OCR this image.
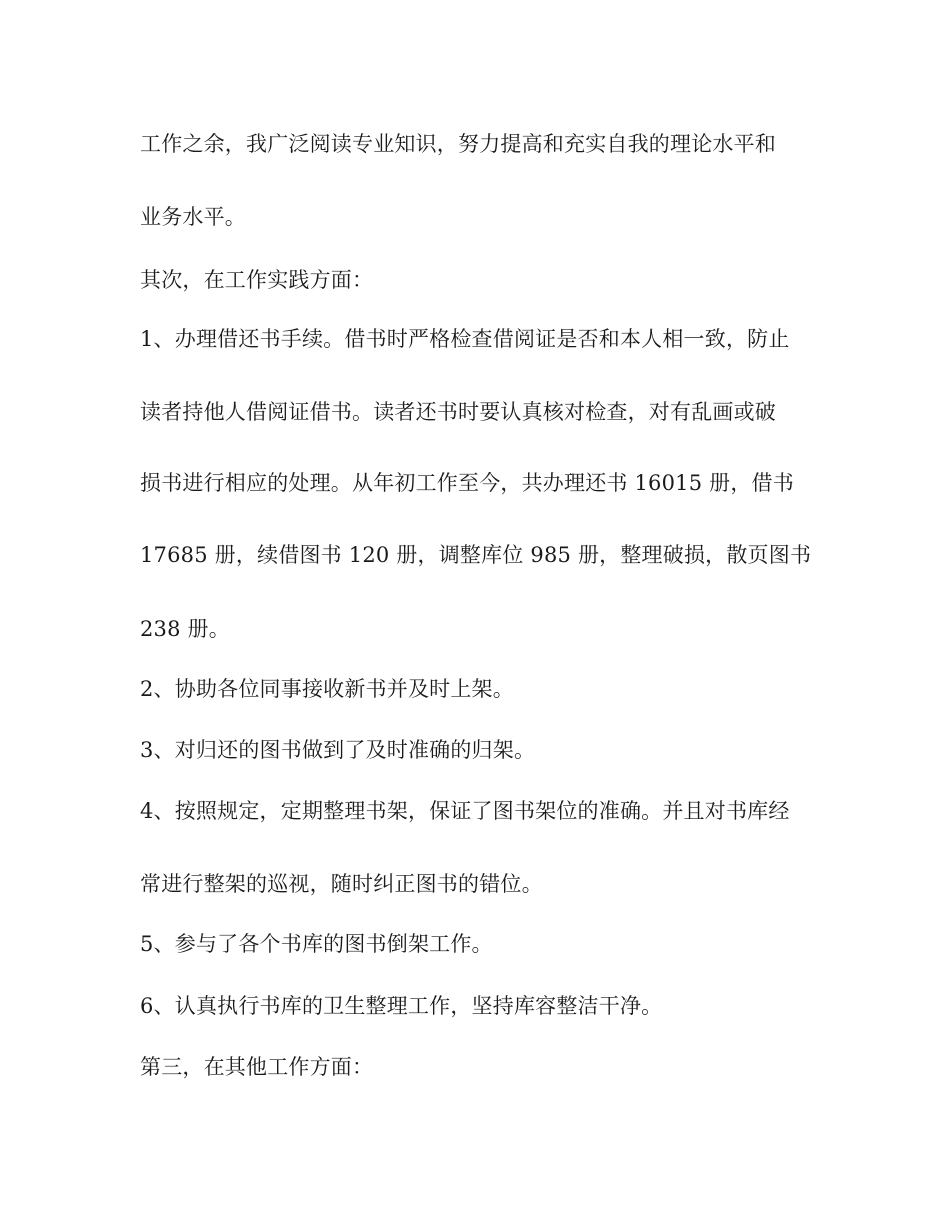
工作之余，我广泛阅读专业知识，努力提高和充实自我的理论水平和
业务水平。
其次，在工作实践方面：
1、办理借还书手续。借书时严格检查借阅证是否和本人相一致，防止
读者持他人借阅证借书。读者还书时要认真核对检查，对有乱画或破
损书进行相应的处理。从年初工作至今，共办理还书 16015 册，借书
17685 册，续借图书 120 册，调整库位 985 册，整理破损，散页图书
238 册。
2、协助各位同事接收新书并及时上架。
3、对归还的图书做到了及时准确的归架。
4、按照规定，定期整理书架，保证了图书架位的准确。并且对书库经
常进行整架的巡视，随时纠正图书的错位。
5、参与了各个书库的图书倒架工作。
6、认真执行书库的卫生整理工作，坚持库容整洁干净。
第三，在其他工作方面：
